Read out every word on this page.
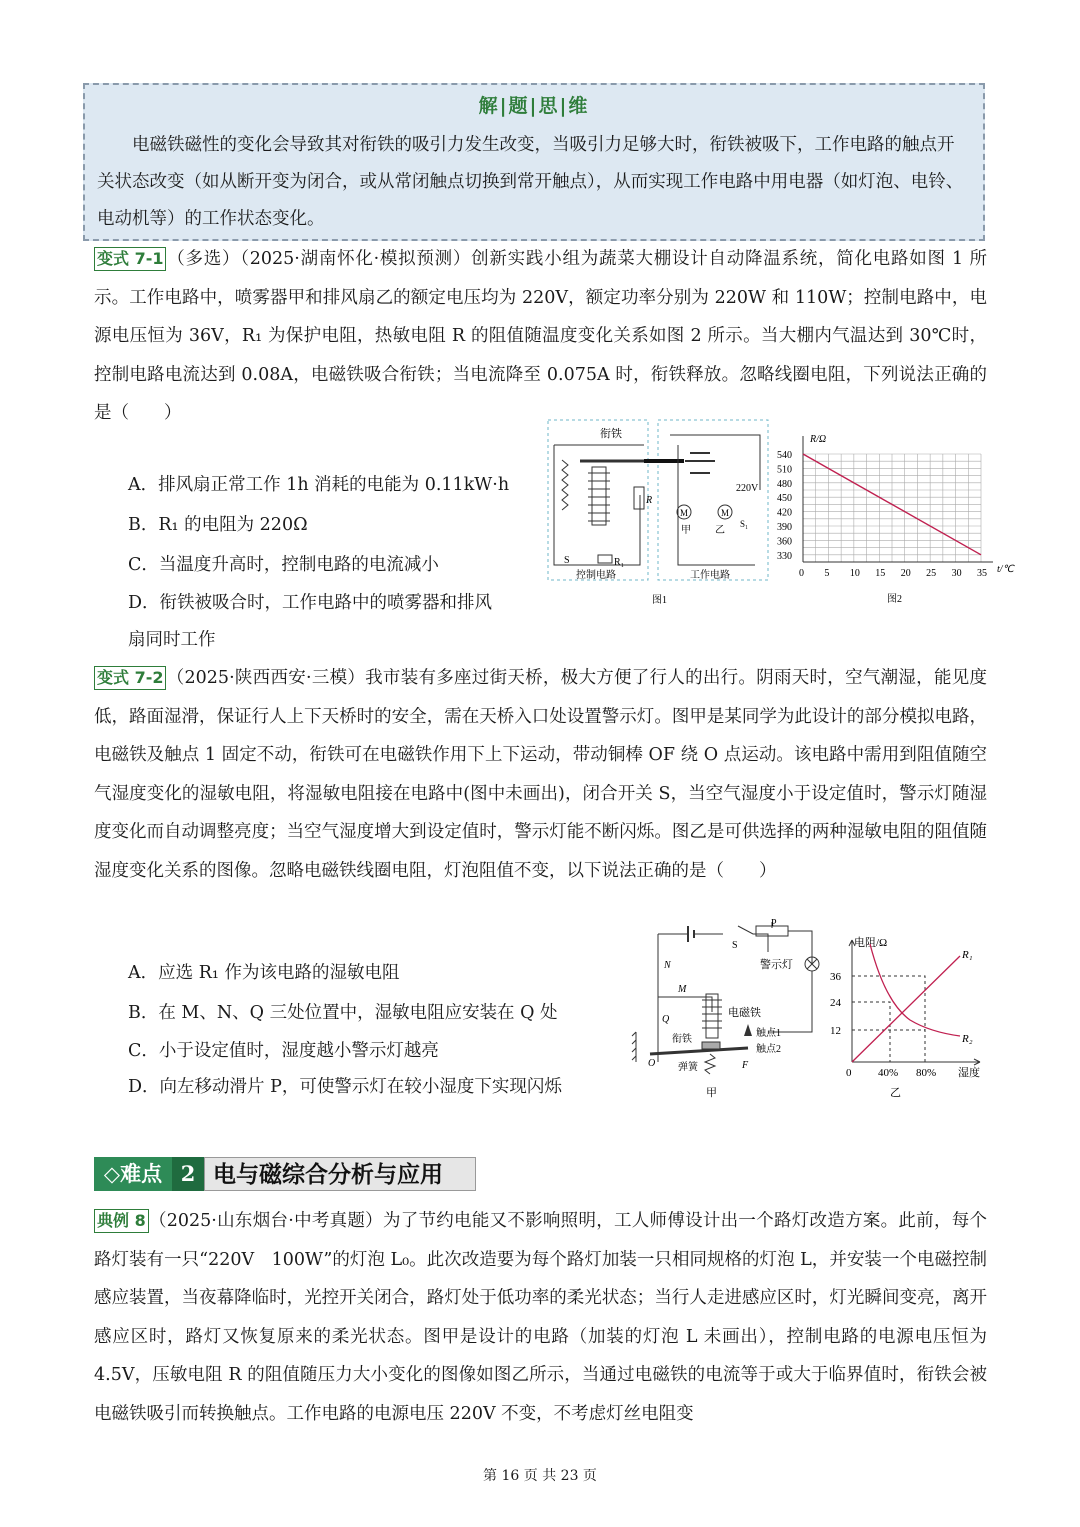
解|题|思|维
电磁铁磁性的变化会导致其对衔铁的吸引力发生改变，当吸引力足够大时，衔铁被吸下，工作电路的触点开关状态改变（如从断开变为闭合，或从常闭触点切换到常开触点），从而实现工作电路中用电器（如灯泡、电铃、电动机等）的工作状态变化。
变式 7-1 （多选）（2025·湖南怀化·模拟预测）创新实践小组为蔬菜大棚设计自动降温系统，简化电路如图 1 所示。工作电路中，喷雾器甲和排风扇乙的额定电压均为 220V，额定功率分别为 220W 和 110W；控制电路中，电源电压恒为 36V，R₁ 为保护电阻，热敏电阻 R 的阻值随温度变化关系如图 2 所示。当大棚内气温达到 30℃时，控制电路电流达到 0.08A，电磁铁吸合衔铁；当电流降至 0.075A 时，衔铁释放。忽略线圈电阻，下列说法正确的是（　　）
A．排风扇正常工作 1h 消耗的电能为 0.11kW·h
B．R₁ 的电阻为 220Ω
C．当温度升高时，控制电路的电流减小
D．衔铁被吸合时，工作电路中的喷雾器和排风
扇同时工作
衔铁
R
R₁
S
M	M
220V
甲 乙
S₁
控制电路	工作电路
图1
R/Ω
t/℃
图2
0 5 10 15 20 25 30 35
330
360
390
420
450
480
510
540
变式 7-2 （2025·陕西西安·三模）我市装有多座过街天桥，极大方便了行人的出行。阴雨天时，空气潮湿，能见度低，路面湿滑，保证行人上下天桥时的安全，需在天桥入口处设置警示灯。图甲是某同学为此设计的部分模拟电路，电磁铁及触点 1 固定不动，衔铁可在电磁铁作用下上下运动，带动铜棒 OF 绕 O 点运动。该电路中需用到阻值随空气湿度变化的湿敏电阻，将湿敏电阻接在电路中(图中未画出)，闭合开关 S，当空气湿度小于设定值时，警示灯随湿度变化而自动调整亮度；当空气湿度增大到设定值时，警示灯能不断闪烁。图乙是可供选择的两种湿敏电阻的阻值随湿度变化关系的图像。忽略电磁铁线圈电阻，灯泡阻值不变，以下说法正确的是（　　）
A．应选 R₁ 作为该电路的湿敏电阻
B．在 M、N、Q 三处位置中，湿敏电阻应安装在 Q 处
C．小于设定值时，湿度越小警示灯越亮
D．向左移动滑片 P，可使警示灯在较小湿度下实现闪烁
P
S
警示灯
N
M
Q
电磁铁
触点1
触点2
衔铁
弹簧
O	F
甲
电阻/Ω
36
24
12
0 40% 80% 湿度
R₁
R₂
乙
◇难点 2 电与磁综合分析与应用
典例 8 （2025·山东烟台·中考真题）为了节约电能又不影响照明，工人师傅设计出一个路灯改造方案。此前，每个路灯装有一只“220V　100W”的灯泡 L₀。此次改造要为每个路灯加装一只相同规格的灯泡 L，并安装一个电磁控制感应装置，当夜幕降临时，光控开关闭合，路灯处于低功率的柔光状态；当行人走进感应区时，灯光瞬间变亮，离开感应区时，路灯又恢复原来的柔光状态。图甲是设计的电路（加装的灯泡 L 未画出），控制电路的电源电压恒为 4.5V，压敏电阻 R 的阻值随压力大小变化的图像如图乙所示，当通过电磁铁的电流等于或大于临界值时，衔铁会被电磁铁吸引而转换触点。工作电路的电源电压 220V 不变，不考虑灯丝电阻变
第 16 页 共 23 页
